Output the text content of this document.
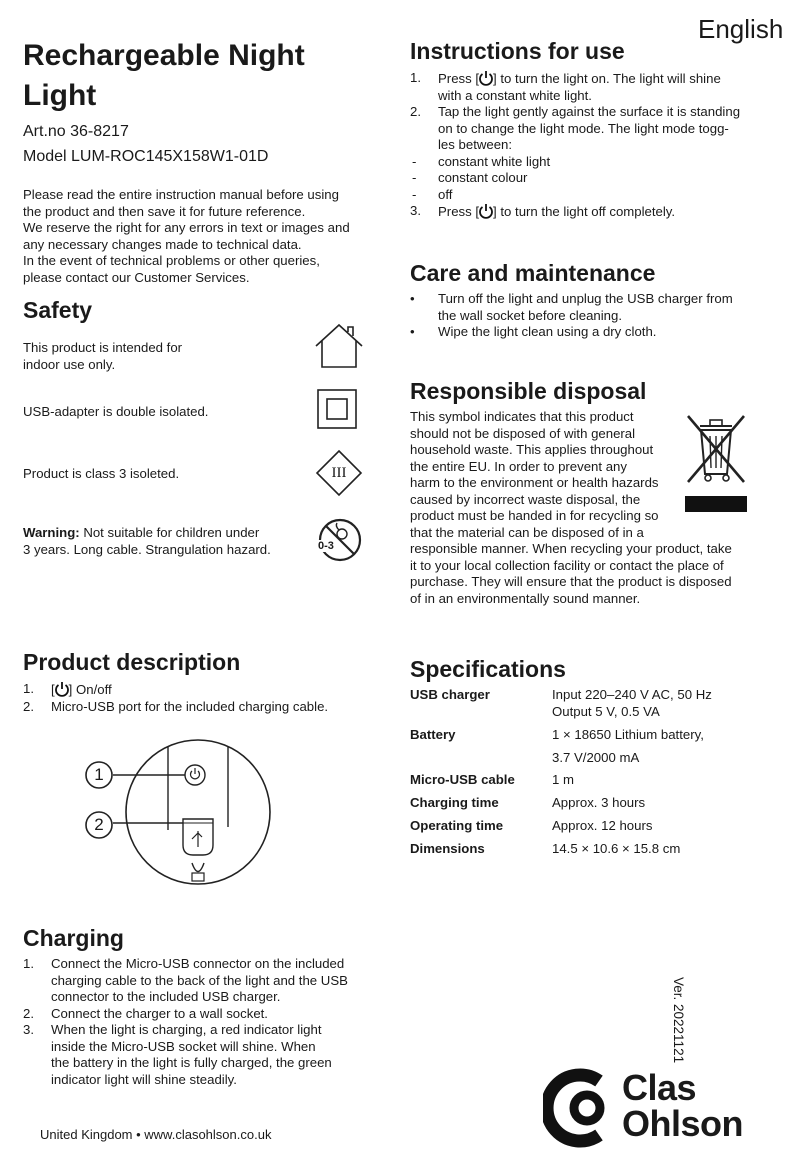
English
Rechargeable Night
Light
Art.no 36-8217
Model LUM-ROC145X158W1-01D
Please read the entire instruction manual before using
the product and then save it for future reference.
We reserve the right for any errors in text or images and
any necessary changes made to technical data.
In the event of technical problems or other queries,
please contact our Customer Services.
Safety
This product is intended for
indoor use only.
USB-adapter is double isolated.
Product is class 3 isoleted.	III
Warning: Not suitable for children under
3 years. Long cable. Strangulation hazard.	0-3
Product description
1. [ ] On/off
2. Micro-USB port for the included charging cable.
1
2
Charging
1. Connect the Micro-USB connector on the included
charging cable to the back of the light and the USB
connector to the included USB charger.
2. Connect the charger to a wall socket.
3. When the light is charging, a red indicator light
inside the Micro-USB socket will shine. When
the battery in the light is fully charged, the green
indicator light will shine steadily.
United Kingdom • www.clasohlson.co.uk
Instructions for use
1. Press [ ] to turn the light on. The light will shine
with a constant white light.
2. Tap the light gently against the surface it is standing
on to change the light mode. The light mode togg-
les between:
- constant white light
- constant colour
- off
3. Press [ ] to turn the light off completely.
Care and maintenance
• Turn off the light and unplug the USB charger from
the wall socket before cleaning.
• Wipe the light clean using a dry cloth.
Responsible disposal
This symbol indicates that this product
should not be disposed of with general
household waste. This applies throughout
the entire EU. In order to prevent any
harm to the environment or health hazards
caused by incorrect waste disposal, the
product must be handed in for recycling so
that the material can be disposed of in a
responsible manner. When recycling your product, take
it to your local collection facility or contact the place of
purchase. They will ensure that the product is disposed
of in an environmentally sound manner.
Specifications
USB charger	Input 220–240 V AC, 50 Hz
Output 5 V, 0.5 VA
Battery	1 × 18650 Lithium battery,
3.7 V/2000 mA
Micro-USB cable	1 m
Charging time	Approx. 3 hours
Operating time	Approx. 12 hours
Dimensions	14.5 × 10.6 × 15.8 cm
Ver. 20221121
Clas
Ohlson
